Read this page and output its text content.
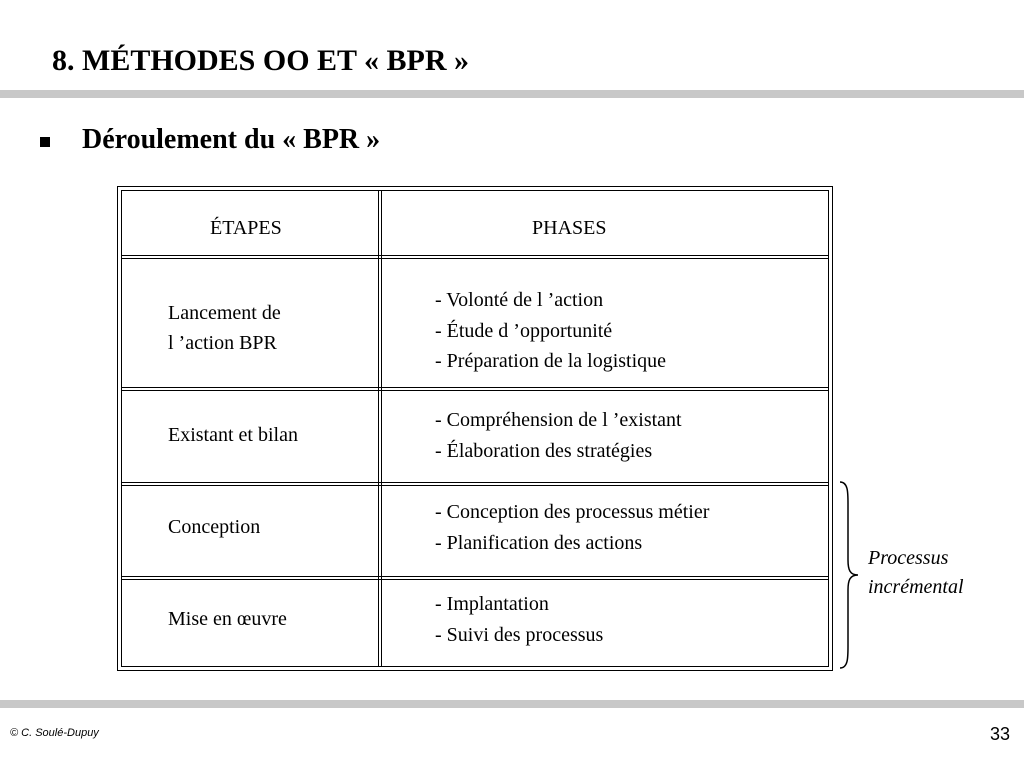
8. MÉTHODES OO ET « BPR »
Déroulement du « BPR »
ÉTAPES	PHASES
Lancement de
l ’action BPR
- Volonté de l ’action
- Étude d ’opportunité
- Préparation de la logistique
Existant et bilan
- Compréhension de l ’existant
- Élaboration des stratégies
Conception
- Conception des processus métier
- Planification des actions
Mise en œuvre
- Implantation
- Suivi des processus
Processus
incrémental
© C. Soulé-Dupuy	33
